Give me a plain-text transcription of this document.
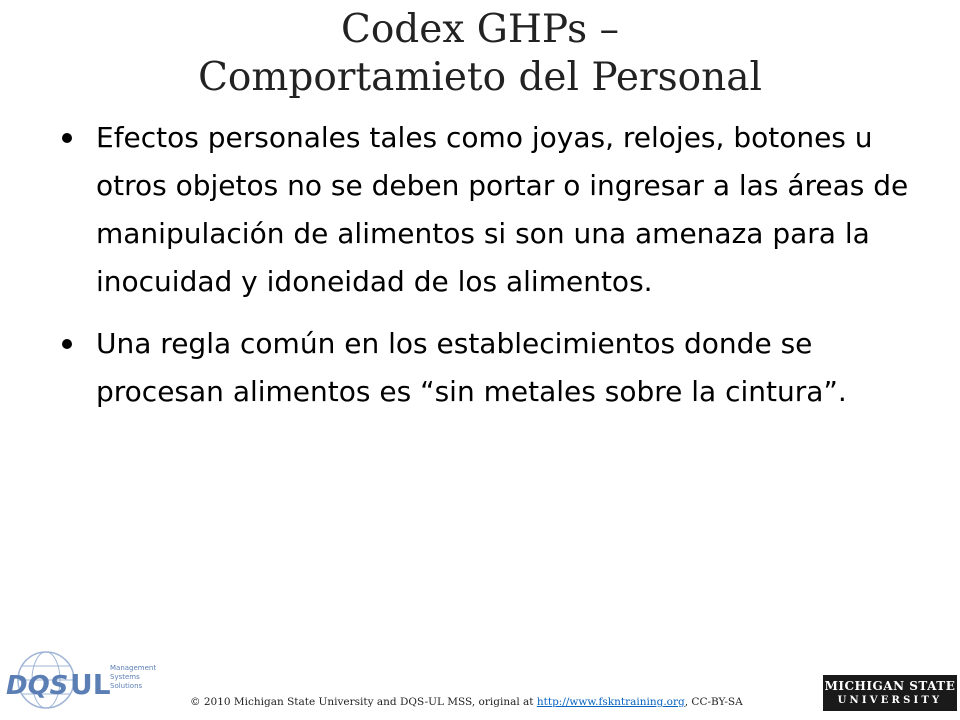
Codex GHPs –
Comportamieto del Personal
Efectos personales tales como joyas, relojes, botones u otros objetos no se deben portar o ingresar a las áreas de manipulación de alimentos si son una amenaza para la inocuidad y idoneidad de los alimentos.
Una regla común en los establecimientos donde se procesan alimentos es “sin metales sobre la cintura”.
DQS UL Management
Systems
Solutions
© 2010 Michigan State University and DQS-UL MSS, original at http://www.fskntraining.org, CC-BY-SA
MICHIGAN STATE
UNIVERSITY
